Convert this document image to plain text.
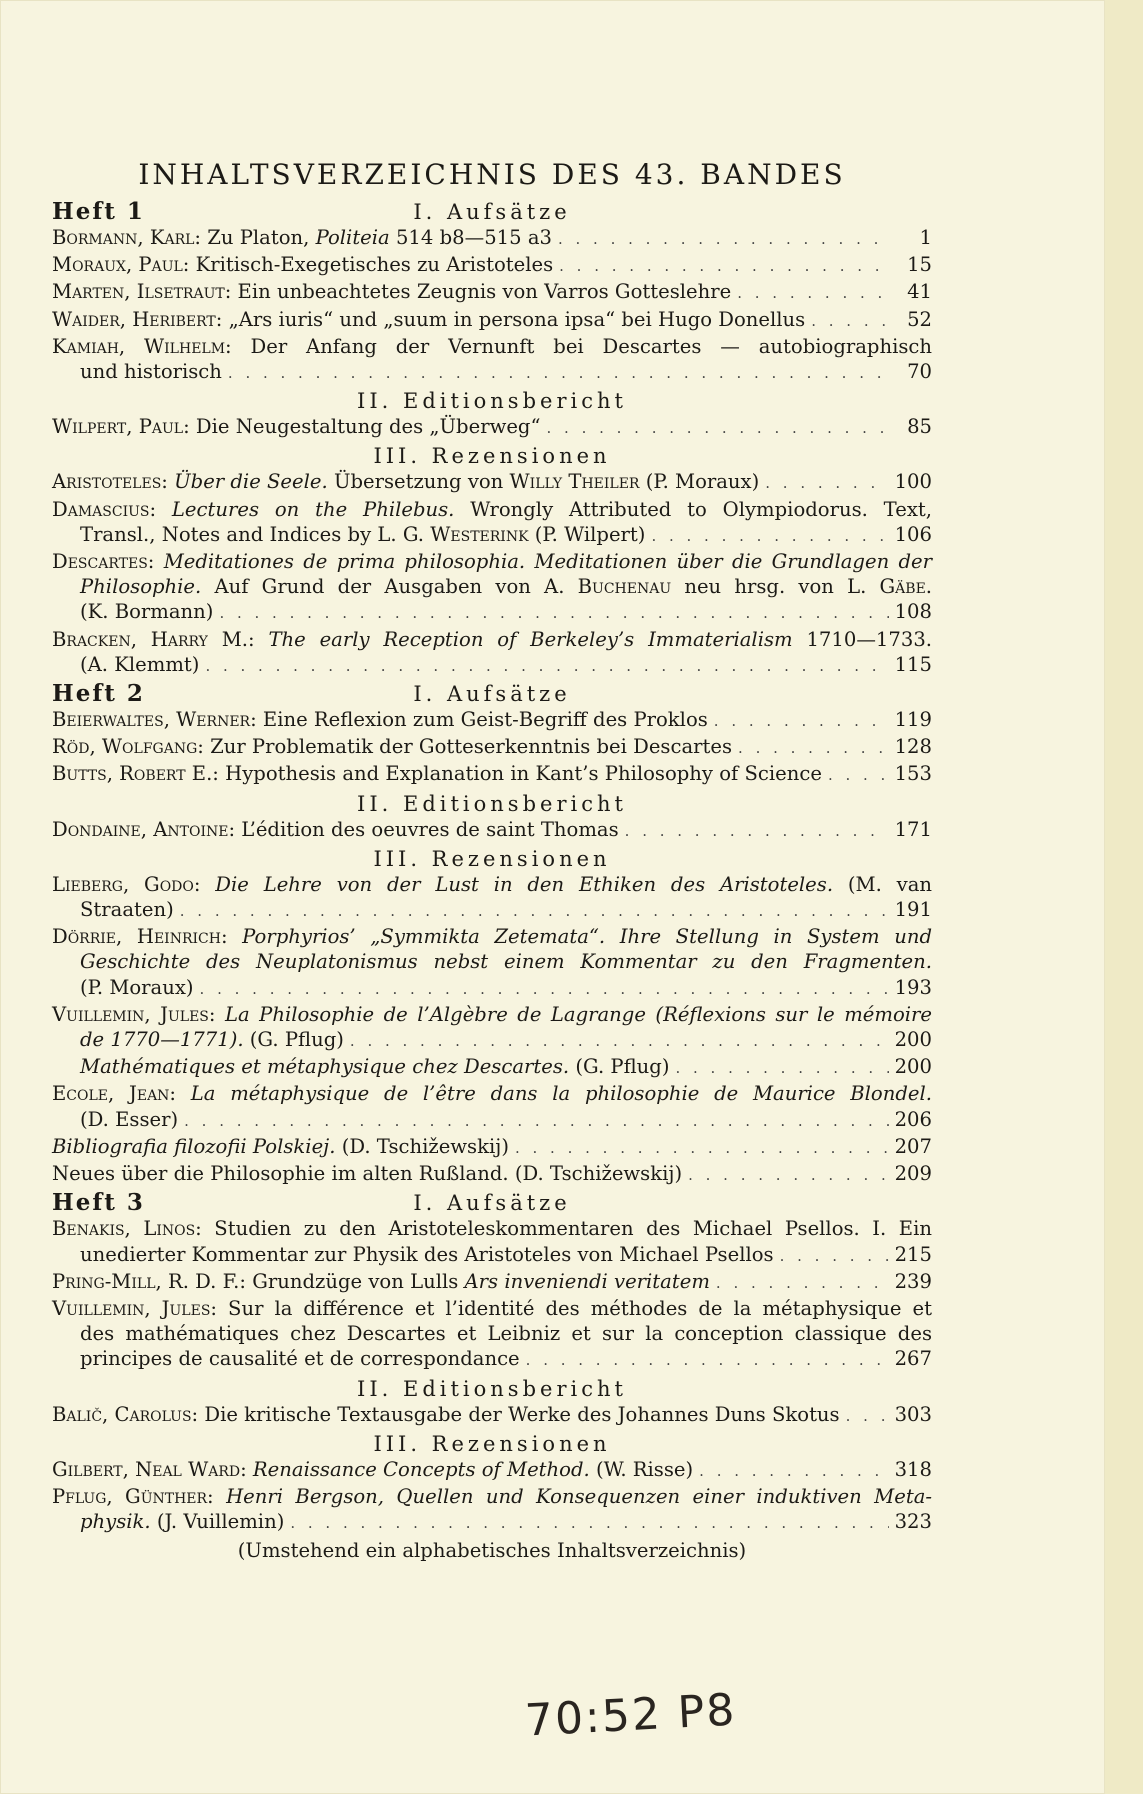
INHALTSVERZEICHNIS DES 43. BANDES
Heft 1	I. Aufsätze
Bormann, Karl: Zu Platon, Politeia 514 b8—515 a3 . . .	1
Moraux, Paul: Kritisch-Exegetisches zu Aristoteles . . .	15
Marten, Ilsetraut: Ein unbeachtetes Zeugnis von Varros Gotteslehre . . .	41
Waider, Heribert: „Ars iuris“ und „suum in persona ipsa“ bei Hugo Donellus . . .	52
Kamiah, Wilhelm: Der Anfang der Vernunft bei Descartes — autobiographisch
und historisch . . .	70
II. Editionsbericht
Wilpert, Paul: Die Neugestaltung des „Überweg“ . . .	85
III. Rezensionen
Aristoteles: Über die Seele. Übersetzung von Willy Theiler (P. Moraux) . . .	100
Damascius: Lectures on the Philebus. Wrongly Attributed to Olympiodorus. Text,
Transl., Notes and Indices by L. G. Westerink (P. Wilpert) . . .	106
Descartes: Meditationes de prima philosophia. Meditationen über die Grundlagen der
Philosophie. Auf Grund der Ausgaben von A. Buchenau neu hrsg. von L. Gäbe.
(K. Bormann) . . .	108
Bracken, Harry M.: The early Reception of Berkeley’s Immaterialism 1710—1733.
(A. Klemmt) . . .	115
Heft 2	I. Aufsätze
Beierwaltes, Werner: Eine Reflexion zum Geist-Begriff des Proklos . . .	119
Röd, Wolfgang: Zur Problematik der Gotteserkenntnis bei Descartes . . .	128
Butts, Robert E.: Hypothesis and Explanation in Kant’s Philosophy of Science . . .	153
II. Editionsbericht
Dondaine, Antoine: L’édition des oeuvres de saint Thomas . . .	171
III. Rezensionen
Lieberg, Godo: Die Lehre von der Lust in den Ethiken des Aristoteles. (M. van
Straaten) . . .	191
Dörrie, Heinrich: Porphyrios’ „Symmikta Zetemata“. Ihre Stellung in System und
Geschichte des Neuplatonismus nebst einem Kommentar zu den Fragmenten.
(P. Moraux) . . .	193
Vuillemin, Jules: La Philosophie de l’Algèbre de Lagrange (Réflexions sur le mémoire
de 1770—1771). (G. Pflug) . . .	200
Mathématiques et métaphysique chez Descartes. (G. Pflug) . . .	200
Ecole, Jean: La métaphysique de l’être dans la philosophie de Maurice Blondel.
(D. Esser) . . .	206
Bibliografia filozofii Polskiej. (D. Tschižewskij) . . .	207
Neues über die Philosophie im alten Rußland. (D. Tschižewskij) . . .	209
Heft 3	I. Aufsätze
Benakis, Linos: Studien zu den Aristoteleskommentaren des Michael Psellos. I. Ein
unedierter Kommentar zur Physik des Aristoteles von Michael Psellos . . .	215
Pring-Mill, R. D. F.: Grundzüge von Lulls Ars inveniendi veritatem . . .	239
Vuillemin, Jules: Sur la différence et l’identité des méthodes de la métaphysique et
des mathématiques chez Descartes et Leibniz et sur la conception classique des
principes de causalité et de correspondance . . .	267
II. Editionsbericht
Balič, Carolus: Die kritische Textausgabe der Werke des Johannes Duns Skotus . . .	303
III. Rezensionen
Gilbert, Neal Ward: Renaissance Concepts of Method. (W. Risse) . . .	318
Pflug, Günther: Henri Bergson, Quellen und Konsequenzen einer induktiven Meta-
physik. (J. Vuillemin) . . .	323
(Umstehend ein alphabetisches Inhaltsverzeichnis)
70:52 P8
